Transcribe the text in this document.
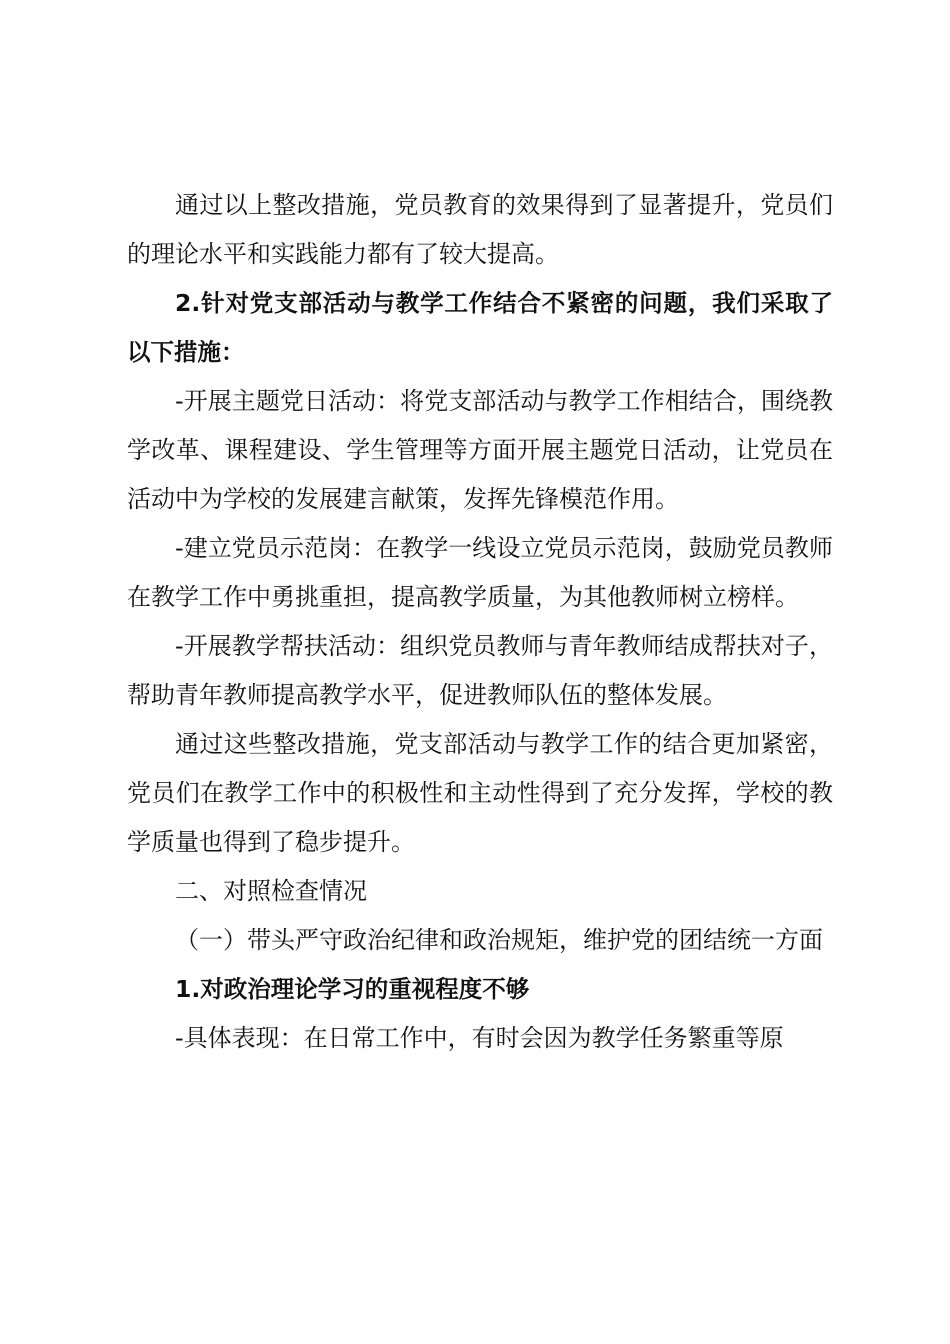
通过以上整改措施，党员教育的效果得到了显著提升，党员们的理论水平和实践能力都有了较大提高。

2.针对党支部活动与教学工作结合不紧密的问题，我们采取了以下措施：

-开展主题党日活动：将党支部活动与教学工作相结合，围绕教学改革、课程建设、学生管理等方面开展主题党日活动，让党员在活动中为学校的发展建言献策，发挥先锋模范作用。

-建立党员示范岗：在教学一线设立党员示范岗，鼓励党员教师在教学工作中勇挑重担，提高教学质量，为其他教师树立榜样。

-开展教学帮扶活动：组织党员教师与青年教师结成帮扶对子，帮助青年教师提高教学水平，促进教师队伍的整体发展。

通过这些整改措施，党支部活动与教学工作的结合更加紧密，党员们在教学工作中的积极性和主动性得到了充分发挥，学校的教学质量也得到了稳步提升。

二、对照检查情况

（一）带头严守政治纪律和政治规矩，维护党的团结统一方面

1.对政治理论学习的重视程度不够

-具体表现：在日常工作中，有时会因为教学任务繁重等原
